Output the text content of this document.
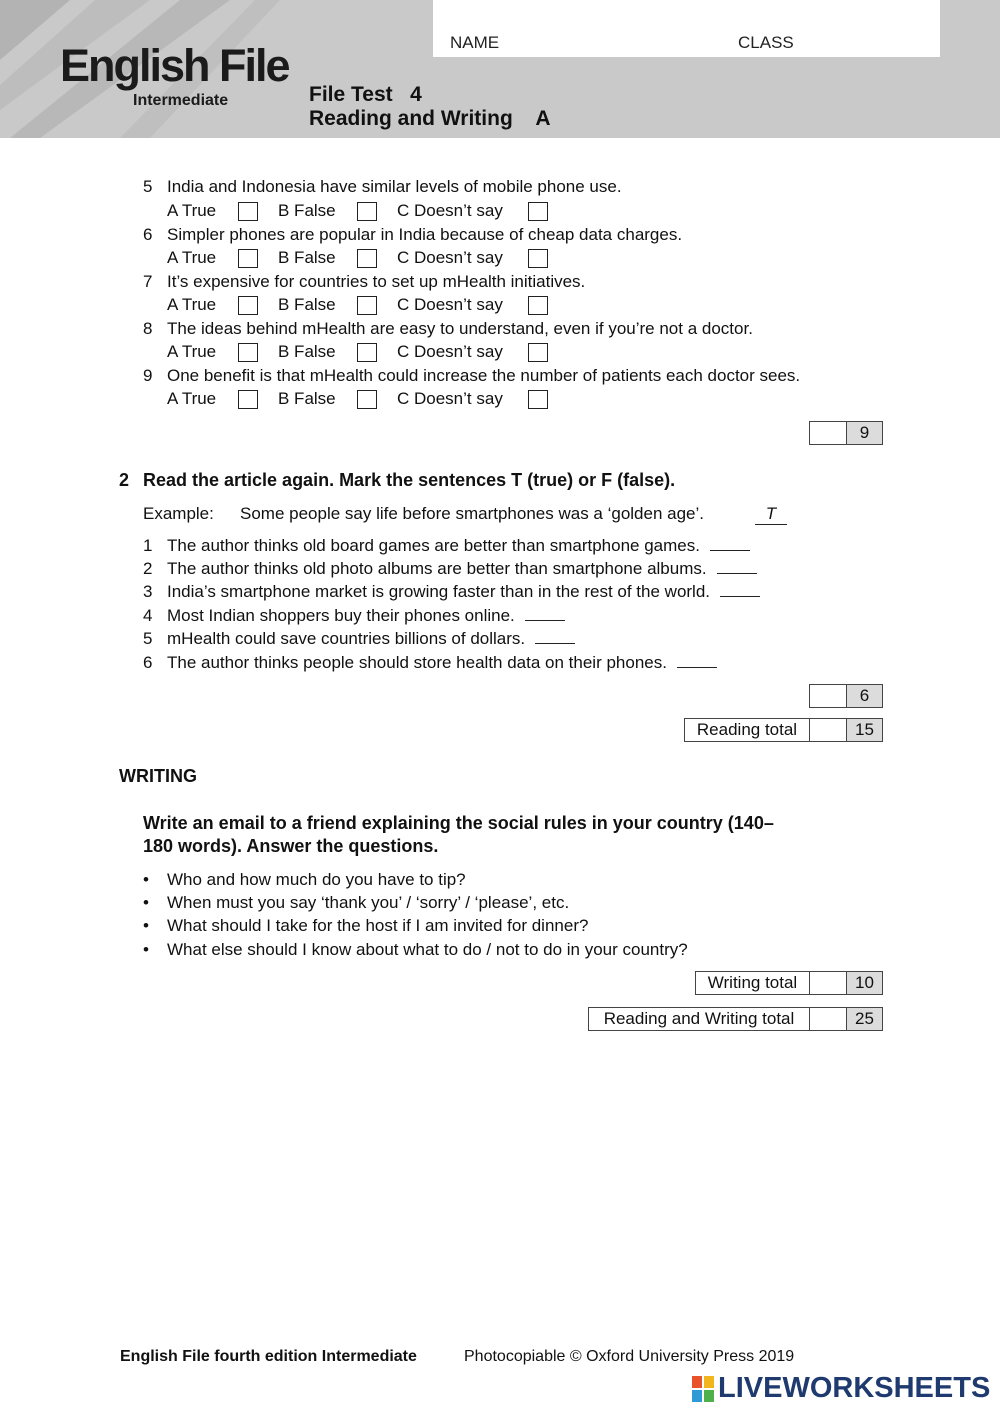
NAME	CLASS
English File
Intermediate	File Test   4
Reading and Writing    A
5 India and Indonesia have similar levels of mobile phone use.
A True	B False	C Doesn’t say
6 Simpler phones are popular in India because of cheap data charges.
A True	B False	C Doesn’t say
7 It’s expensive for countries to set up mHealth initiatives.
A True	B False	C Doesn’t say
8 The ideas behind mHealth are easy to understand, even if you’re not a doctor.
A True	B False	C Doesn’t say
9 One benefit is that mHealth could increase the number of patients each doctor sees.
A True	B False	C Doesn’t say
9
2 Read the article again. Mark the sentences T (true) or F (false).
Example: Some people say life before smartphones was a ‘golden age’.	T
1 The author thinks old board games are better than smartphone games.
2 The author thinks old photo albums are better than smartphone albums.
3 India’s smartphone market is growing faster than in the rest of the world.
4 Most Indian shoppers buy their phones online.
5 mHealth could save countries billions of dollars.
6 The author thinks people should store health data on their phones.
6
Reading total	15
WRITING
Write an email to a friend explaining the social rules in your country (140–
180 words). Answer the questions.
• Who and how much do you have to tip?
• When must you say ‘thank you’ / ‘sorry’ / ‘please’, etc.
• What should I take for the host if I am invited for dinner?
• What else should I know about what to do / not to do in your country?
Writing total	10
Reading and Writing total	25
English File fourth edition Intermediate	Photocopiable © Oxford University Press 2019
LIVEWORKSHEETS
